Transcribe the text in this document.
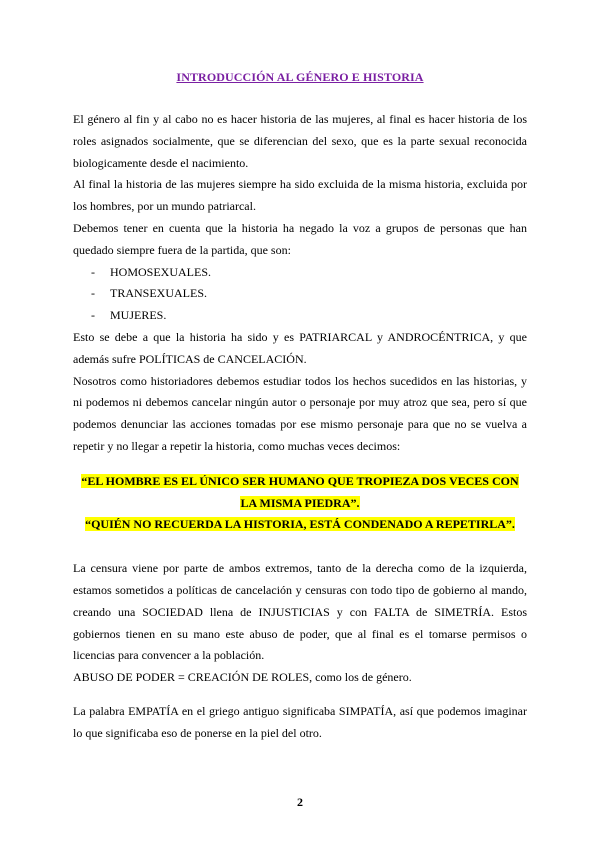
INTRODUCCIÓN AL GÉNERO E HISTORIA

El género al fin y al cabo no es hacer historia de las mujeres, al final es hacer historia de los roles asignados socialmente, que se diferencian del sexo, que es la parte sexual reconocida biologicamente desde el nacimiento.

Al final la historia de las mujeres siempre ha sido excluida de la misma historia, excluida por los hombres, por un mundo patriarcal.

Debemos tener en cuenta que la historia ha negado la voz a grupos de personas que han quedado siempre fuera de la partida, que son:

- HOMOSEXUALES.
- TRANSEXUALES.
- MUJERES.

Esto se debe a que la historia ha sido y es PATRIARCAL y ANDROCÉNTRICA, y que además sufre POLÍTICAS de CANCELACIÓN.

Nosotros como historiadores debemos estudiar todos los hechos sucedidos en las historias, y ni podemos ni debemos cancelar ningún autor o personaje por muy atroz que sea, pero sí que podemos denunciar las acciones tomadas por ese mismo personaje para que no se vuelva a repetir y no llegar a repetir la historia, como muchas veces decimos:

“EL HOMBRE ES EL ÚNICO SER HUMANO QUE TROPIEZA DOS VECES CON

LA MISMA PIEDRA”.

“QUIÉN NO RECUERDA LA HISTORIA, ESTÁ CONDENADO A REPETIRLA”.

La censura viene por parte de ambos extremos, tanto de la derecha como de la izquierda, estamos sometidos a políticas de cancelación y censuras con todo tipo de gobierno al mando, creando una SOCIEDAD llena de INJUSTICIAS y con FALTA de SIMETRÍA. Estos gobiernos tienen en su mano este abuso de poder, que al final es el tomarse permisos o licencias para convencer a la población.

ABUSO DE PODER = CREACIÓN DE ROLES, como los de género.

La palabra EMPATÍA en el griego antiguo significaba SIMPATÍA, así que podemos imaginar lo que significaba eso de ponerse en la piel del otro.

2
